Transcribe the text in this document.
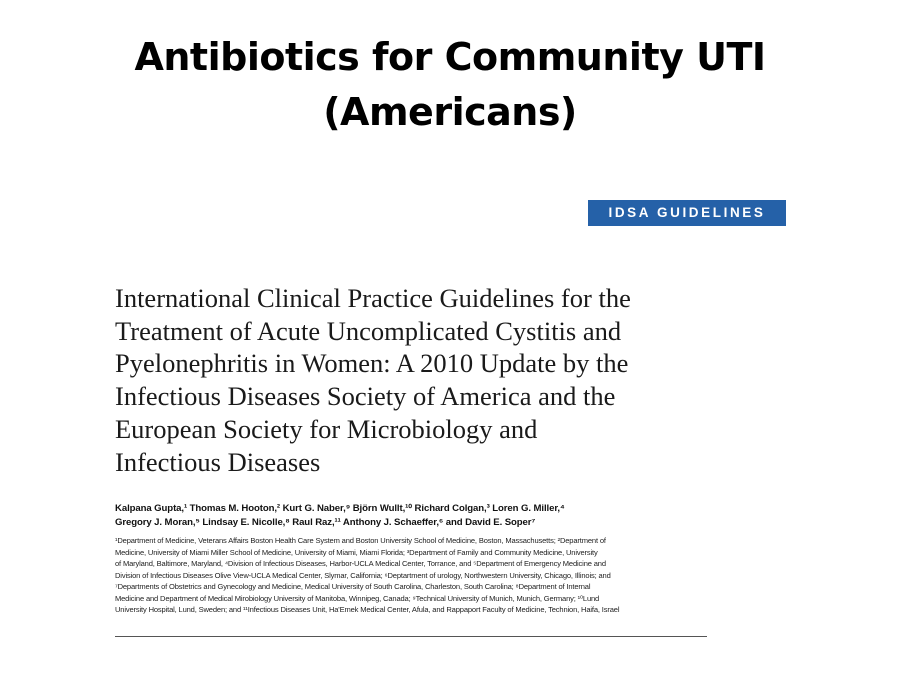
Antibiotics for Community UTI
(Americans)
IDSA GUIDELINES
International Clinical Practice Guidelines for the
Treatment of Acute Uncomplicated Cystitis and
Pyelonephritis in Women: A 2010 Update by the
Infectious Diseases Society of America and the
European Society for Microbiology and
Infectious Diseases
Kalpana Gupta,¹ Thomas M. Hooton,² Kurt G. Naber,⁹ Björn Wullt,¹⁰ Richard Colgan,³ Loren G. Miller,⁴
Gregory J. Moran,⁵ Lindsay E. Nicolle,⁸ Raul Raz,¹¹ Anthony J. Schaeffer,⁶ and David E. Soper⁷
¹Department of Medicine, Veterans Affairs Boston Health Care System and Boston University School of Medicine, Boston, Massachusetts; ²Department of
Medicine, University of Miami Miller School of Medicine, University of Miami, Miami Florida; ³Department of Family and Community Medicine, University
of Maryland, Baltimore, Maryland, ⁴Division of Infectious Diseases, Harbor-UCLA Medical Center, Torrance, and ⁵Department of Emergency Medicine and
Division of Infectious Diseases Olive View-UCLA Medical Center, Slymar, California; ⁶Deptartment of urology, Northwestern University, Chicago, Illinois; and
⁷Departments of Obstetrics and Gynecology and Medicine, Medical University of South Carolina, Charleston, South Carolina; ⁸Department of Internal
Medicine and Department of Medical Mirobiology University of Manitoba, Winnipeg, Canada; ⁹Technical University of Munich, Munich, Germany; ¹⁰Lund
University Hospital, Lund, Sweden; and ¹¹Infectious Diseases Unit, Ha'Emek Medical Center, Afula, and Rappaport Faculty of Medicine, Technion, Haifa, Israel
